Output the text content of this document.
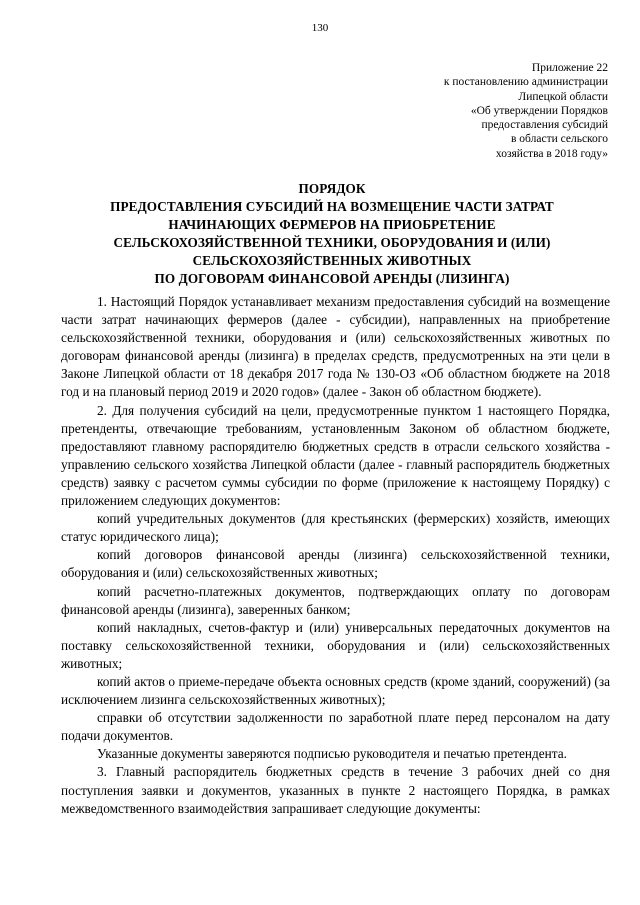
130
Приложение 22
к постановлению администрации
Липецкой области
«Об утверждении Порядков
предоставления субсидий
в области сельского
хозяйства в 2018 году»
ПОРЯДОК
ПРЕДОСТАВЛЕНИЯ СУБСИДИЙ НА ВОЗМЕЩЕНИЕ ЧАСТИ ЗАТРАТ
НАЧИНАЮЩИХ ФЕРМЕРОВ НА ПРИОБРЕТЕНИЕ
СЕЛЬСКОХОЗЯЙСТВЕННОЙ ТЕХНИКИ, ОБОРУДОВАНИЯ И (ИЛИ)
СЕЛЬСКОХОЗЯЙСТВЕННЫХ ЖИВОТНЫХ
ПО ДОГОВОРАМ ФИНАНСОВОЙ АРЕНДЫ (ЛИЗИНГА)

1. Настоящий Порядок устанавливает механизм предоставления субсидий на возмещение части затрат начинающих фермеров (далее - субсидии), направленных на приобретение сельскохозяйственной техники, оборудования и (или) сельскохозяйственных животных по договорам финансовой аренды (лизинга) в пределах средств, предусмотренных на эти цели в Законе Липецкой области от 18 декабря 2017 года № 130-ОЗ «Об областном бюджете на 2018 год и на плановый период 2019 и 2020 годов» (далее - Закон об областном бюджете).

2. Для получения субсидий на цели, предусмотренные пунктом 1 настоящего Порядка, претенденты, отвечающие требованиям, установленным Законом об областном бюджете, предоставляют главному распорядителю бюджетных средств в отрасли сельского хозяйства - управлению сельского хозяйства Липецкой области (далее - главный распорядитель бюджетных средств) заявку с расчетом суммы субсидии по форме (приложение к настоящему Порядку) с приложением следующих документов:

копий учредительных документов (для крестьянских (фермерских) хозяйств, имеющих статус юридического лица);

копий договоров финансовой аренды (лизинга) сельскохозяйственной техники, оборудования и (или) сельскохозяйственных животных;

копий расчетно-платежных документов, подтверждающих оплату по договорам финансовой аренды (лизинга), заверенных банком;

копий накладных, счетов-фактур и (или) универсальных передаточных документов на поставку сельскохозяйственной техники, оборудования и (или) сельскохозяйственных животных;

копий актов о приеме-передаче объекта основных средств (кроме зданий, сооружений) (за исключением лизинга сельскохозяйственных животных);

справки об отсутствии задолженности по заработной плате перед персоналом на дату подачи документов.

Указанные документы заверяются подписью руководителя и печатью претендента.

3. Главный распорядитель бюджетных средств в течение 3 рабочих дней со дня поступления заявки и документов, указанных в пункте 2 настоящего Порядка, в рамках межведомственного взаимодействия запрашивает следующие документы:
